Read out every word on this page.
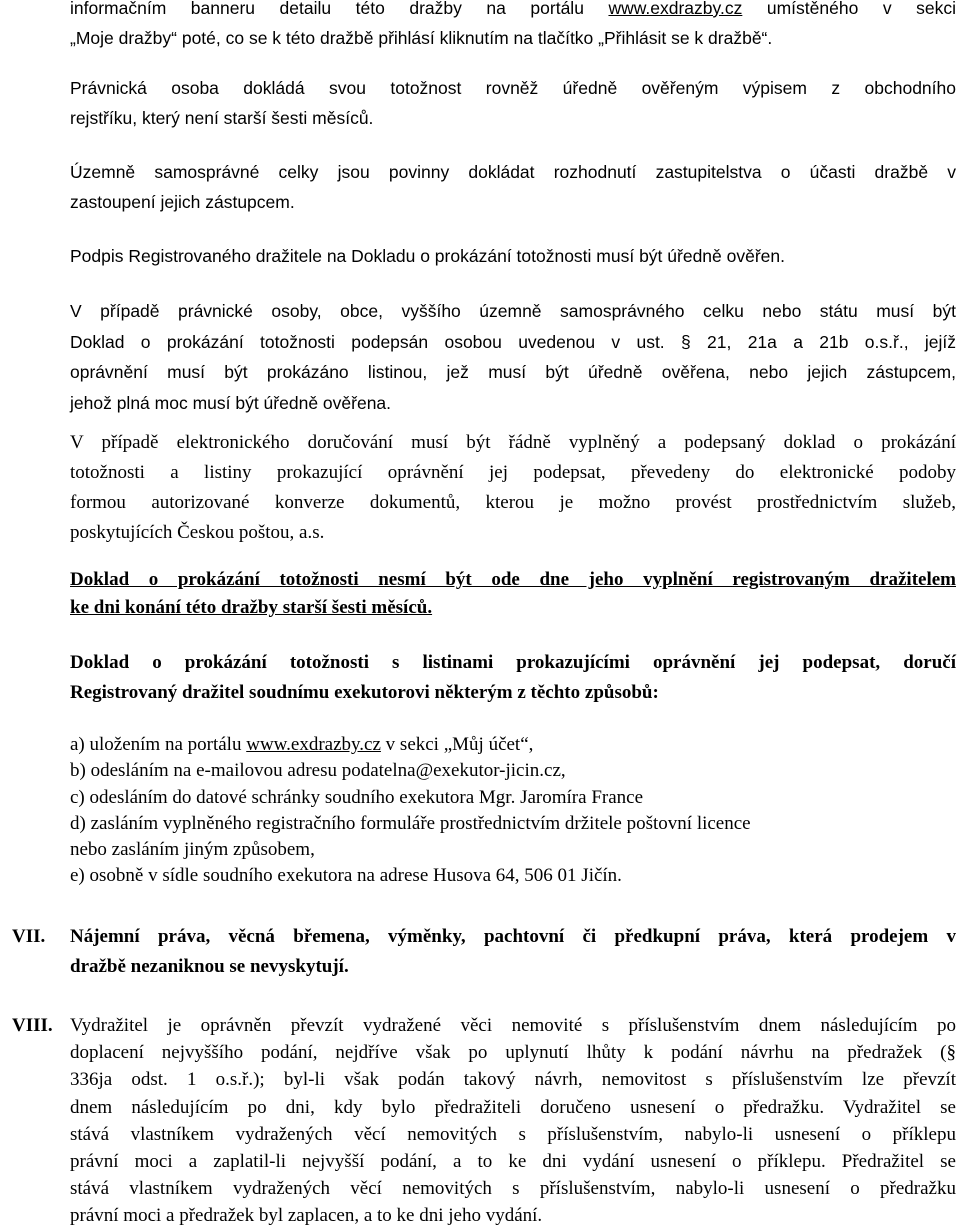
informačním banneru detailu této dražby na portálu www.exdrazby.cz umístěného v sekci
„Moje dražby“ poté, co se k této dražbě přihlásí kliknutím na tlačítko „Přihlásit se k dražbě“.
Právnická osoba dokládá svou totožnost rovněž úředně ověřeným výpisem z obchodního
rejstříku, který není starší šesti měsíců.
Územně samosprávné celky jsou povinny dokládat rozhodnutí zastupitelstva o účasti dražbě v
zastoupení jejich zástupcem.
Podpis Registrovaného dražitele na Dokladu o prokázání totožnosti musí být úředně ověřen.
V případě právnické osoby, obce, vyššího územně samosprávného celku nebo státu musí být
Doklad o prokázání totožnosti podepsán osobou uvedenou v ust. § 21, 21a a 21b o.s.ř., jejíž
oprávnění musí být prokázáno listinou, jež musí být úředně ověřena, nebo jejich zástupcem,
jehož plná moc musí být úředně ověřena.
V případě elektronického doručování musí být řádně vyplněný a podepsaný doklad o prokázání
totožnosti a listiny prokazující oprávnění jej podepsat, převedeny do elektronické podoby
formou autorizované konverze dokumentů, kterou je možno provést prostřednictvím služeb,
poskytujících Českou poštou, a.s.
Doklad o prokázání totožnosti nesmí být ode dne jeho vyplnění registrovaným dražitelem
ke dni konání této dražby starší šesti měsíců.
Doklad o prokázání totožnosti s listinami prokazujícími oprávnění jej podepsat, doručí
Registrovaný dražitel soudnímu exekutorovi některým z těchto způsobů:
a) uložením na portálu www.exdrazby.cz v sekci „Můj účet“,
b) odesláním na e-mailovou adresu podatelna@exekutor-jicin.cz,
c) odesláním do datové schránky soudního exekutora Mgr. Jaromíra France
d) zasláním vyplněného registračního formuláře prostřednictvím držitele poštovní licence
nebo zasláním jiným způsobem,
e) osobně v sídle soudního exekutora na adrese Husova 64, 506 01 Jičín.
VII. Nájemní práva, věcná břemena, výměnky, pachtovní či předkupní práva, která prodejem v
dražbě nezaniknou se nevyskytují.
VIII. Vydražitel je oprávněn převzít vydražené věci nemovité s příslušenstvím dnem následujícím po
doplacení nejvyššího podání, nejdříve však po uplynutí lhůty k podání návrhu na předražek (§
336ja odst. 1 o.s.ř.); byl-li však podán takový návrh, nemovitost s příslušenstvím lze převzít
dnem následujícím po dni, kdy bylo předražiteli doručeno usnesení o předražku. Vydražitel se
stává vlastníkem vydražených věcí nemovitých s příslušenstvím, nabylo-li usnesení o příklepu
právní moci a zaplatil-li nejvyšší podání, a to ke dni vydání usnesení o příklepu. Předražitel se
stává vlastníkem vydražených věcí nemovitých s příslušenstvím, nabylo-li usnesení o předražku
právní moci a předražek byl zaplacen, a to ke dni jeho vydání.
